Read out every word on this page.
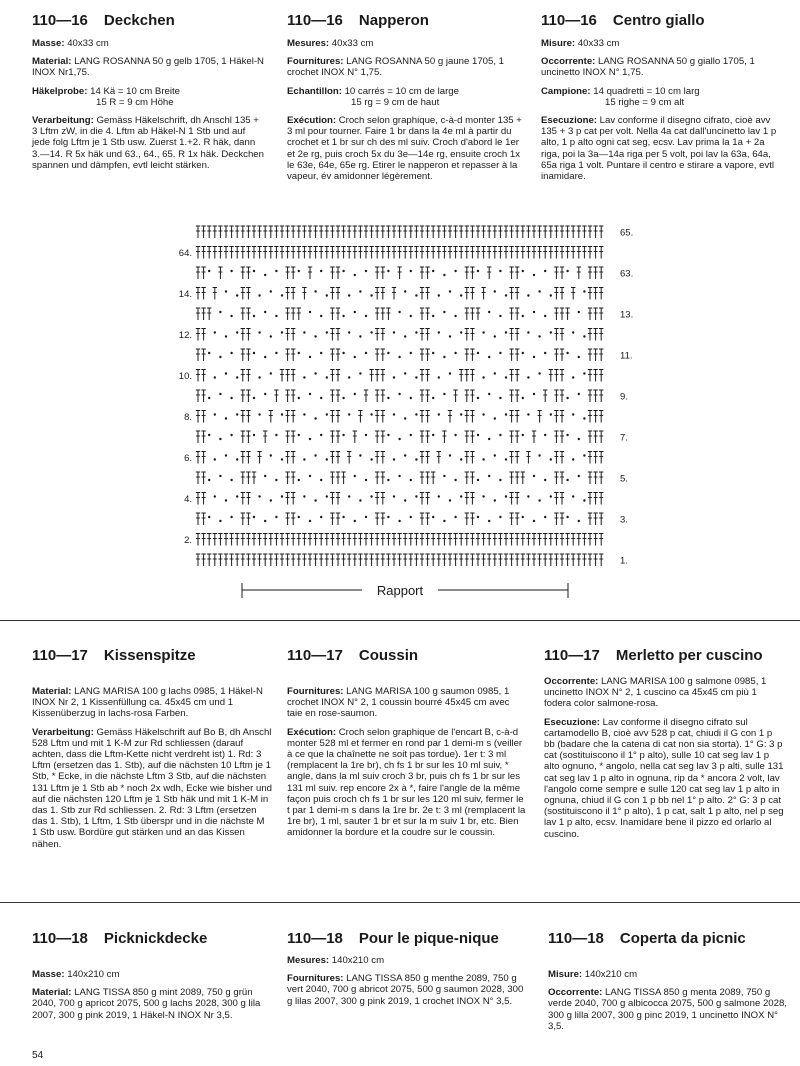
110—16 Deckchen

Masse: 40x33 cm

Material: LANG ROSANNA 50 g gelb 1705, 1 Häkel-N INOX Nr1,75.

Häkelprobe: 14 Kä = 10 cm Breite
15 R = 9 cm Höhe

Verarbeitung: Gemäss Häkelschrift, dh Anschl 135 + 3 Lftm zW, in die 4. Lftm ab Häkel-N 1 Stb und auf jede folg Lftm je 1 Stb usw. Zuerst 1.+2. R häk, dann 3.—14. R 5x häk und 63., 64., 65. R 1x häk. Deckchen spannen und dämpfen, evtl leicht stärken.

110—16 Napperon

Mesures: 40x33 cm

Fournitures: LANG ROSANNA 50 g jaune 1705, 1 crochet INOX N° 1,75.

Echantillon: 10 carrés = 10 cm de large
15 rg = 9 cm de haut

Exécution: Croch selon graphique, c-à-d monter 135 + 3 ml pour tourner. Faire 1 br dans la 4e ml à partir du crochet et 1 br sur ch des ml suiv. Croch d'abord le 1er et 2e rg, puis croch 5x du 3e—14e rg, ensuite croch 1x le 63e, 64e, 65e rg. Etirer le napperon et repasser à la vapeur, év amidonner légèrement.

110—16 Centro giallo

Misure: 40x33 cm

Occorrente: LANG ROSANNA 50 g giallo 1705, 1 uncinetto INOX N° 1,75.

Campione: 14 quadretti = 10 cm larg
15 righe = 9 cm alt

Esecuzione: Lav conforme il disegno cifrato, cioè avv 135 + 3 p cat per volt. Nella 4a cat dall'uncinetto lav 1 p alto, 1 p alto ogni cat seg, ecsv. Lav prima la 1a + 2a riga, poi la 3a—14a riga per 5 volt, poi lav la 63a, 64a, 65a riga 1 volt. Puntare il centro e stirare a vapore, evtl inamidare.

65.
64.
63.
14.
13.
12.
11.
10.
9.
8.
7.
6.
5.
4.
3.
2.
1.
Rapport
110—17 Kissenspitze

Material: LANG MARISA 100 g lachs 0985, 1 Häkel-N INOX Nr 2, 1 Kissenfüllung ca. 45x45 cm und 1 Kissenüberzug in lachs-rosa Farben.

Verarbeitung: Gemäss Häkelschrift auf Bo B, dh Anschl 528 Lftm und mit 1 K-M zur Rd schliessen (darauf achten, dass die Lftm-Kette nicht verdreht ist) 1. Rd: 3 Lftm (ersetzen das 1. Stb), auf die nächsten 10 Lftm je 1 Stb, * Ecke, in die nächste Lftm 3 Stb, auf die nächsten 131 Lftm je 1 Stb ab * noch 2x wdh, Ecke wie bisher und auf die nächsten 120 Lftm je 1 Stb häk und mit 1 K-M in das 1. Stb zur Rd schliessen. 2. Rd: 3 Lftm (ersetzen das 1. Stb), 1 Lftm, 1 Stb überspr und in die nächste M 1 Stb usw. Bordüre gut stärken und an das Kissen nähen.

110—17 Coussin

Fournitures: LANG MARISA 100 g saumon 0985, 1 crochet INOX N° 2, 1 coussin bourré 45x45 cm avec taie en rose-saumon.

Exécution: Croch selon graphique de l'encart B, c-à-d monter 528 ml et fermer en rond par 1 demi-m s (veiller à ce que la chaînette ne soit pas tordue). 1er t: 3 ml (remplacent la 1re br), ch fs 1 br sur les 10 ml suiv, * angle, dans la ml suiv croch 3 br, puis ch fs 1 br sur les 131 ml suiv. rep encore 2x à *, faire l'angle de la même façon puis croch ch fs 1 br sur les 120 ml suiv, fermer le t par 1 demi-m s dans la 1re br. 2e t: 3 ml (remplacent la 1re br), 1 ml, sauter 1 br et sur la m suiv 1 br, etc. Bien amidonner la bordure et la coudre sur le coussin.

110—17 Merletto per cuscino

Occorrente: LANG MARISA 100 g salmone 0985, 1 uncinetto INOX N° 2, 1 cuscino ca 45x45 cm più 1 fodera color salmone-rosa.

Esecuzione: Lav conforme il disegno cifrato sul cartamodello B, cioè avv 528 p cat, chiudi il G con 1 p bb (badare che la catena di cat non sia storta). 1° G: 3 p cat (sostituiscono il 1° p alto), sulle 10 cat seg lav 1 p alto ognuno, * angolo, nella cat seg lav 3 p alti, sulle 131 cat seg lav 1 p alto in ognuna, rip da * ancora 2 volt, lav l'angolo come sempre e sulle 120 cat seg lav 1 p alto in ognuna, chiud il G con 1 p bb nel 1° p alto. 2° G: 3 p cat (sostituiscono il 1° p alto), 1 p cat, salt 1 p alto, nel p seg lav 1 p alto, ecsv. Inamidare bene il pizzo ed orlarlo al cuscino.

110—18 Picknickdecke

Masse: 140x210 cm

Material: LANG TISSA 850 g mint 2089, 750 g grün 2040, 700 g apricot 2075, 500 g lachs 2028, 300 g lila 2007, 300 g pink 2019, 1 Häkel-N INOX Nr 3,5.

110—18 Pour le pique-nique

Mesures: 140x210 cm

Fournitures: LANG TISSA 850 g menthe 2089, 750 g vert 2040, 700 g abricot 2075, 500 g saumon 2028, 300 g lilas 2007, 300 g pink 2019, 1 crochet INOX N° 3,5.

110—18 Coperta da picnic

Misure: 140x210 cm

Occorrente: LANG TISSA 850 g menta 2089, 750 g verde 2040, 700 g albicocca 2075, 500 g salmone 2028, 300 g lilla 2007, 300 g pinc 2019, 1 uncinetto INOX N° 3,5.

54
